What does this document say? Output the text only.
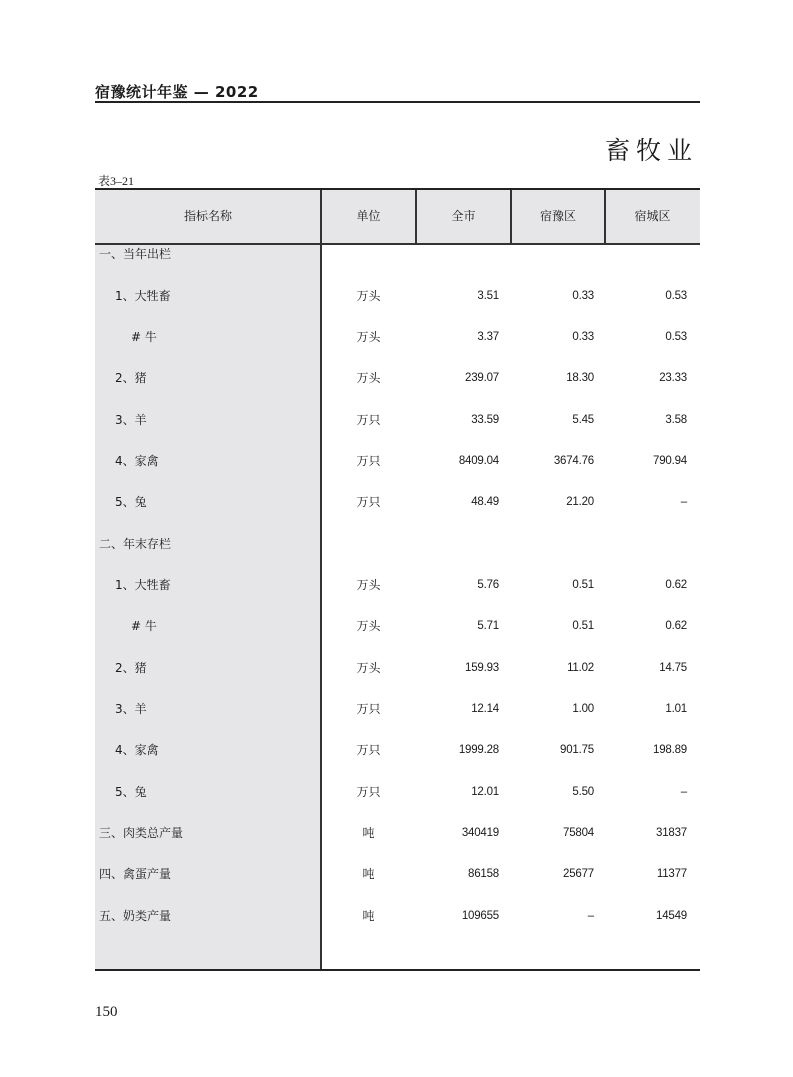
宿豫统计年鉴 — 2022
畜牧业
表3–21
指标名称	单位	全市	宿豫区	宿城区
一、当年出栏
1、大牲畜	万头	3.51	0.33	0.53
# 牛	万头	3.37	0.33	0.53
2、猪	万头	239.07	18.30	23.33
3、羊	万只	33.59	5.45	3.58
4、家禽	万只	8409.04	3674.76	790.94
5、兔	万只	48.49	21.20	–
二、年末存栏
1、大牲畜	万头	5.76	0.51	0.62
# 牛	万头	5.71	0.51	0.62
2、猪	万头	159.93	11.02	14.75
3、羊	万只	12.14	1.00	1.01
4、家禽	万只	1999.28	901.75	198.89
5、兔	万只	12.01	5.50	–
三、肉类总产量	吨	340419	75804	31837
四、禽蛋产量	吨	86158	25677	11377
五、奶类产量	吨	109655	–	14549
150
